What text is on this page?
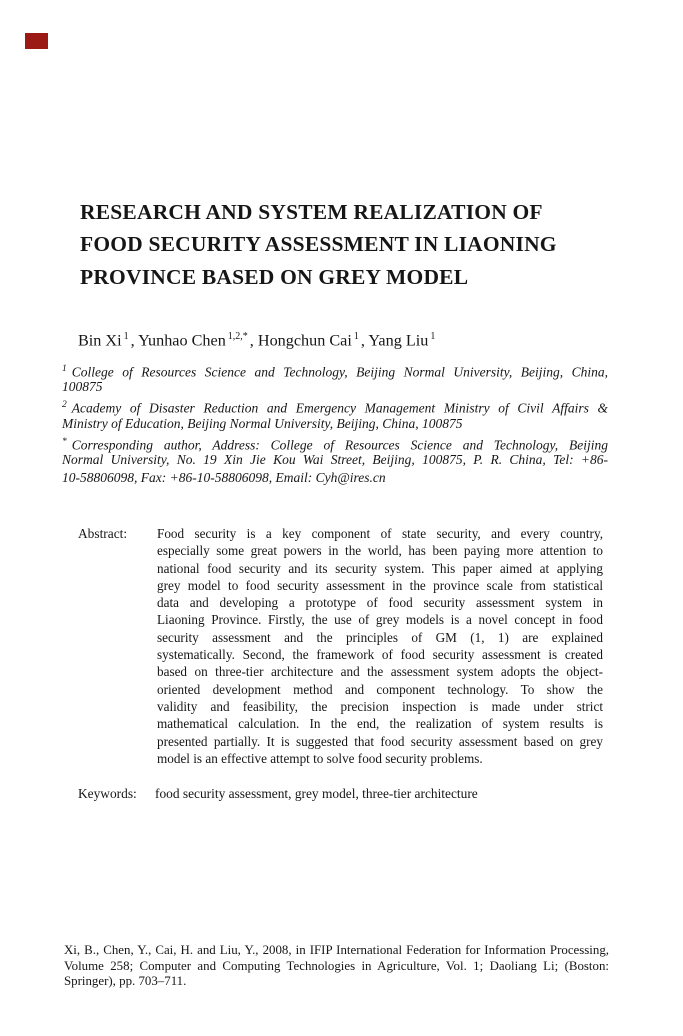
RESEARCH AND SYSTEM REALIZATION OF
FOOD SECURITY ASSESSMENT IN LIAONING
PROVINCE BASED ON GREY MODEL
Bin Xi $^1$ , Yunhao Chen $^{1,2,*}$ , Hongchun Cai $^1$ , Yang Liu $^1$
$^1$ College of Resources Science and Technology, Beijing Normal University, Beijing, China,
100875
$^2$ Academy of Disaster Reduction and Emergency Management Ministry of Civil Affairs &
Ministry of Education, Beijing Normal University, Beijing, China, 100875
* Corresponding author, Address: College of Resources Science and Technology, Beijing
Normal University, No. 19 Xin Jie Kou Wai Street, Beijing, 100875, P. R. China, Tel: +86-
10-58806098, Fax: +86-10-58806098, Email: Cyh@ires.cn
Abstract: Food security is a key component of state security, and every country,
especially some great powers in the world, has been paying more attention to
national food security and its security system. This paper aimed at applying
grey model to food security assessment in the province scale from statistical
data and developing a prototype of food security assessment system in
Liaoning Province. Firstly, the use of grey models is a novel concept in food
security assessment and the principles of GM (1, 1) are explained
systematically. Second, the framework of food security assessment is created
based on three-tier architecture and the assessment system adopts the object-
oriented development method and component technology. To show the
validity and feasibility, the precision inspection is made under strict
mathematical calculation. In the end, the realization of system results is
presented partially. It is suggested that food security assessment based on grey
model is an effective attempt to solve food security problems.
Keywords: food security assessment, grey model, three-tier architecture
Xi, B., Chen, Y., Cai, H. and Liu, Y., 2008, in IFIP International Federation for Information Processing,
Volume 258; Computer and Computing Technologies in Agriculture, Vol. 1; Daoliang Li; (Boston:
Springer), pp. 703–711.
